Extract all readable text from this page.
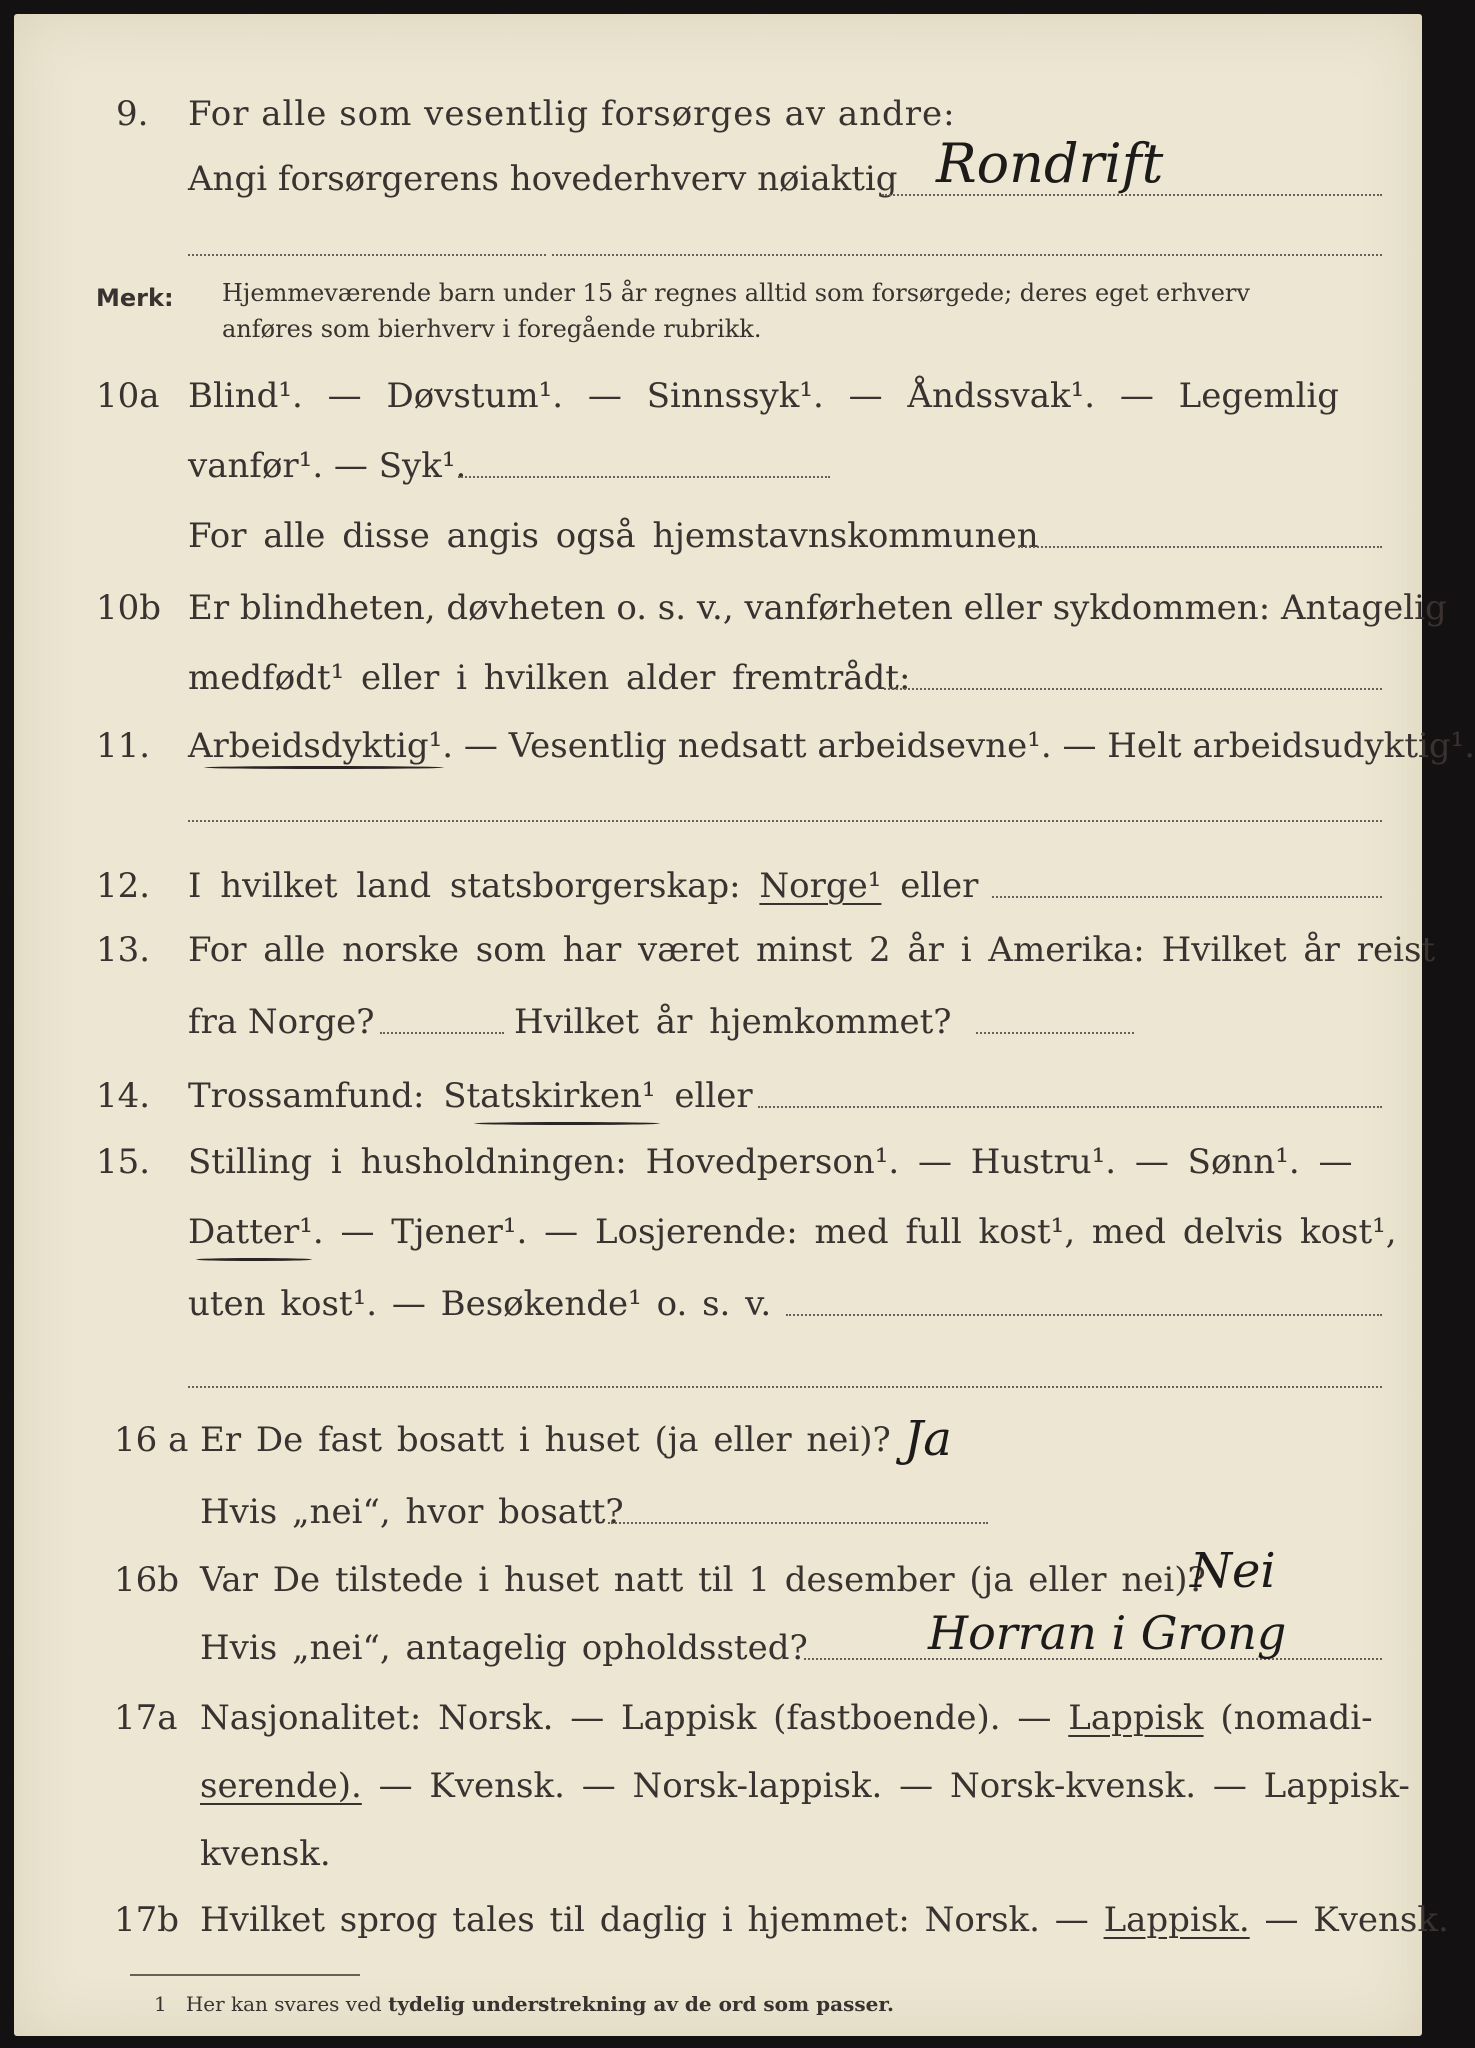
9. For alle som vesentlig forsørges av andre:
Angi forsørgerens hovederhverv nøiaktig Rondrift
Merk: Hjemmeværende barn under 15 år regnes alltid som forsørgede; deres eget erhverv
anføres som bierhverv i foregående rubrikk.
10a Blind¹. — Døvstum¹. — Sinnssyk¹. — Åndssvak¹. — Legemlig
vanfør¹. — Syk¹.
For alle disse angis også hjemstavnskommunen
10b Er blindheten, døvheten o. s. v., vanførheten eller sykdommen: Antagelig
medfødt¹ eller i hvilken alder fremtrådt:
11. Arbeidsdyktig¹. — Vesentlig nedsatt arbeidsevne¹. — Helt arbeidsudyktig¹.
12. I hvilket land statsborgerskap: Norge¹ eller
13. For alle norske som har været minst 2 år i Amerika: Hvilket år reist
fra Norge?	Hvilket år hjemkommet?
14. Trossamfund: Statskirken¹ eller
15. Stilling i husholdningen: Hovedperson¹. — Hustru¹. — Sønn¹. —
Datter¹. — Tjener¹. — Losjerende: med full kost¹, med delvis kost¹,
uten kost¹. — Besøkende¹ o. s. v.
16 a Er De fast bosatt i huset (ja eller nei)? Ja
Hvis „nei“, hvor bosatt?
16b Var De tilstede i huset natt til 1 desember (ja eller nei)?
Nei
Hvis „nei“, antagelig opholdssted?	Horran i Grong
17a Nasjonalitet: Norsk. — Lappisk (fastboende). — Lappisk (nomadi-
serende). — Kvensk. — Norsk-lappisk. — Norsk-kvensk. — Lappisk-
kvensk.
17b Hvilket sprog tales til daglig i hjemmet: Norsk. — Lappisk. — Kvensk.
1 Her kan svares ved tydelig understrekning av de ord som passer.
